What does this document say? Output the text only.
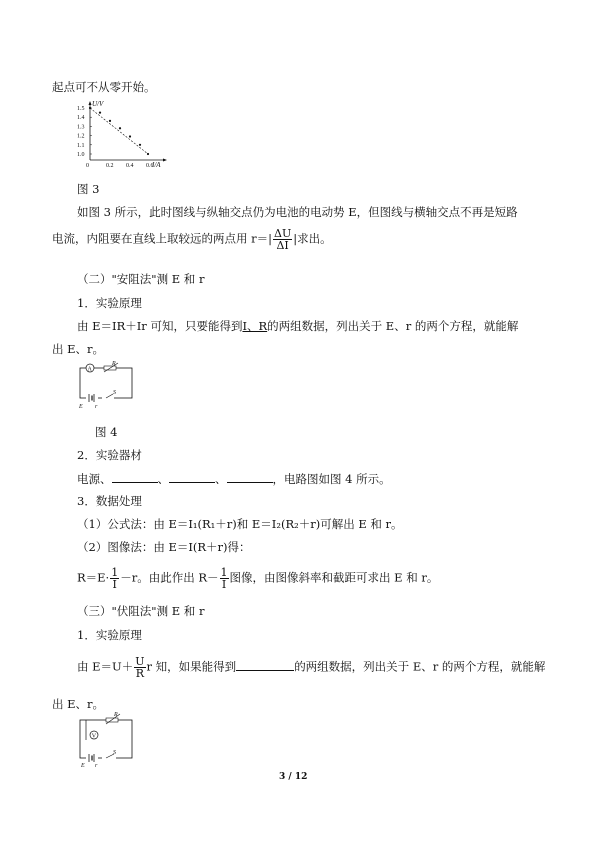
起点可不从零开始。
U/V
I/A
1.5
1.4
1.3
1.2
1.1
1.0
0	0.2 0.4 0.6
图 3
如图 3 所示，此时图线与纵轴交点仍为电池的电动势 E，但图线与横轴交点不再是短路
电流，内阻要在直线上取较远的两点用 $r=| \frac{\Delta U}{\Delta I}$ |求出。
（二）"安阻法"测 E 和 r
1．实验原理
由 E＝IR＋Ir 可知，只要能得到I、R的两组数据，列出关于 E、r 的两个方程，就能解
出 E、r。
A
R
S
E r
图 4
2．实验器材
电源、	、	、	，电路图如图 4 所示。
3．数据处理
（1）公式法：由 E＝I₁(R₁＋r)和 E＝I₂(R₂＋r)可解出 E 和 r。
（2）图像法：由 E＝I(R＋r)得：
$R=E\cdot \frac{1}{I} -r$。由此作出 $R- \frac{1}{I}$ 图像，由图像斜率和截距可求出 E 和 r。
（三）"伏阻法"测 E 和 r
1．实验原理
由 $E=U+ \frac{U}{R}$ r 知，如果能得到	的两组数据，列出关于 E、r 的两个方程，就能解
出 E、r。
R
V
S
E r
3 / 12
